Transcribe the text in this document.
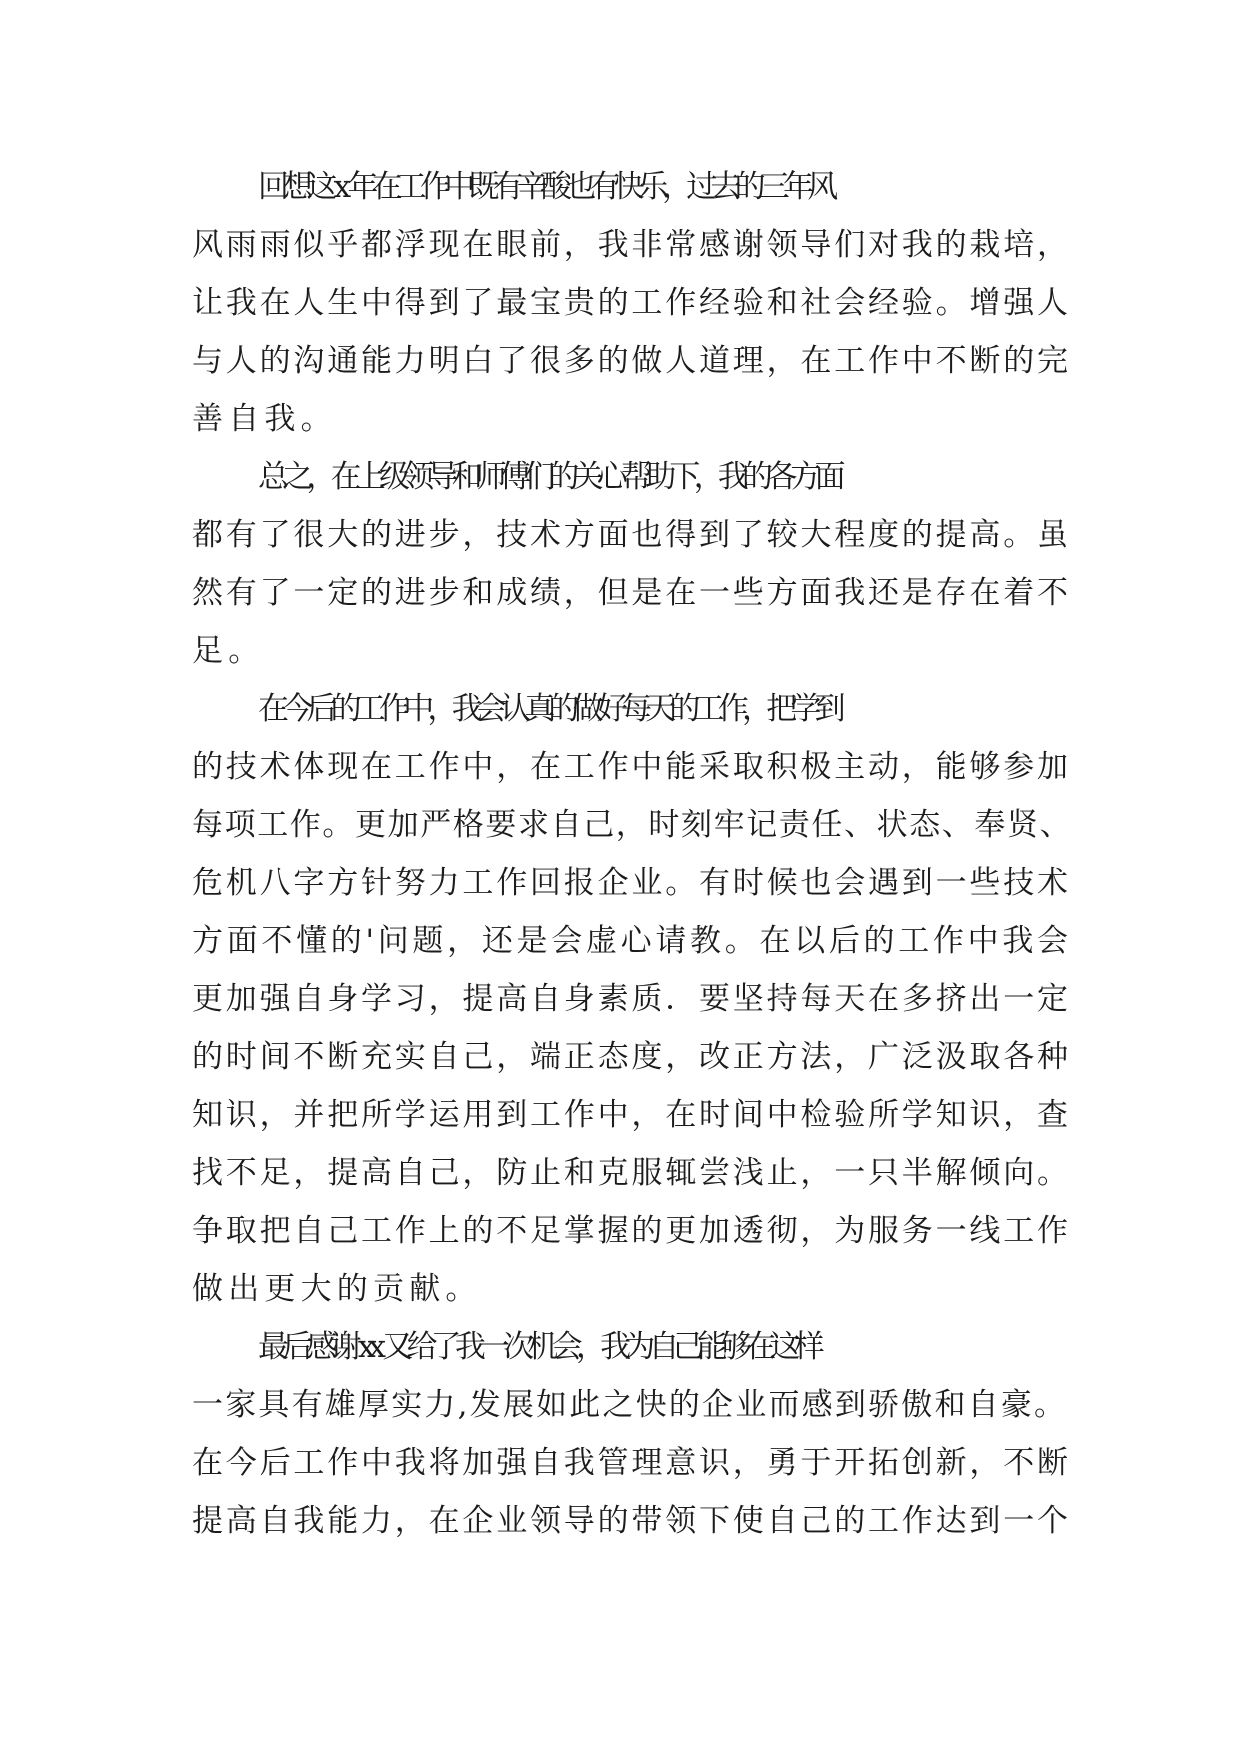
回想这 x 年在工作中既有辛酸也有快乐，过去的三年风
风雨雨似乎都浮现在眼前，我非常感谢领导们对我的栽培，
让我在人生中得到了最宝贵的工作经验和社会经验。增强人
与人的沟通能力明白了很多的做人道理，在工作中不断的完
善自我。

总之，在上级领导和师傅们的关心帮助下，我的各方面
都有了很大的进步，技术方面也得到了较大程度的提高。虽
然有了一定的进步和成绩，但是在一些方面我还是存在着不
足。

在今后的工作中，我会认真的做好每天的工作，把学到
的技术体现在工作中，在工作中能采取积极主动，能够参加
每项工作。更加严格要求自己，时刻牢记责任、状态、奉贤、
危机八字方针努力工作回报企业。有时候也会遇到一些技术
方面不懂的'问题，还是会虚心请教。在以后的工作中我会
更加强自身学习，提高自身素质．要坚持每天在多挤出一定
的时间不断充实自己，端正态度，改正方法，广泛汲取各种
知识，并把所学运用到工作中，在时间中检验所学知识，查
找不足，提高自己，防止和克服辄尝浅止，一只半解倾向。
争取把自己工作上的不足掌握的更加透彻，为服务一线工作
做出更大的贡献。

最后感谢 xx 又给了我一次机会，我为自己能够在这样
一家具有雄厚实力,发展如此之快的企业而感到骄傲和自豪。
在今后工作中我将加强自我管理意识，勇于开拓创新，不断
提高自我能力，在企业领导的带领下使自己的工作达到一个
